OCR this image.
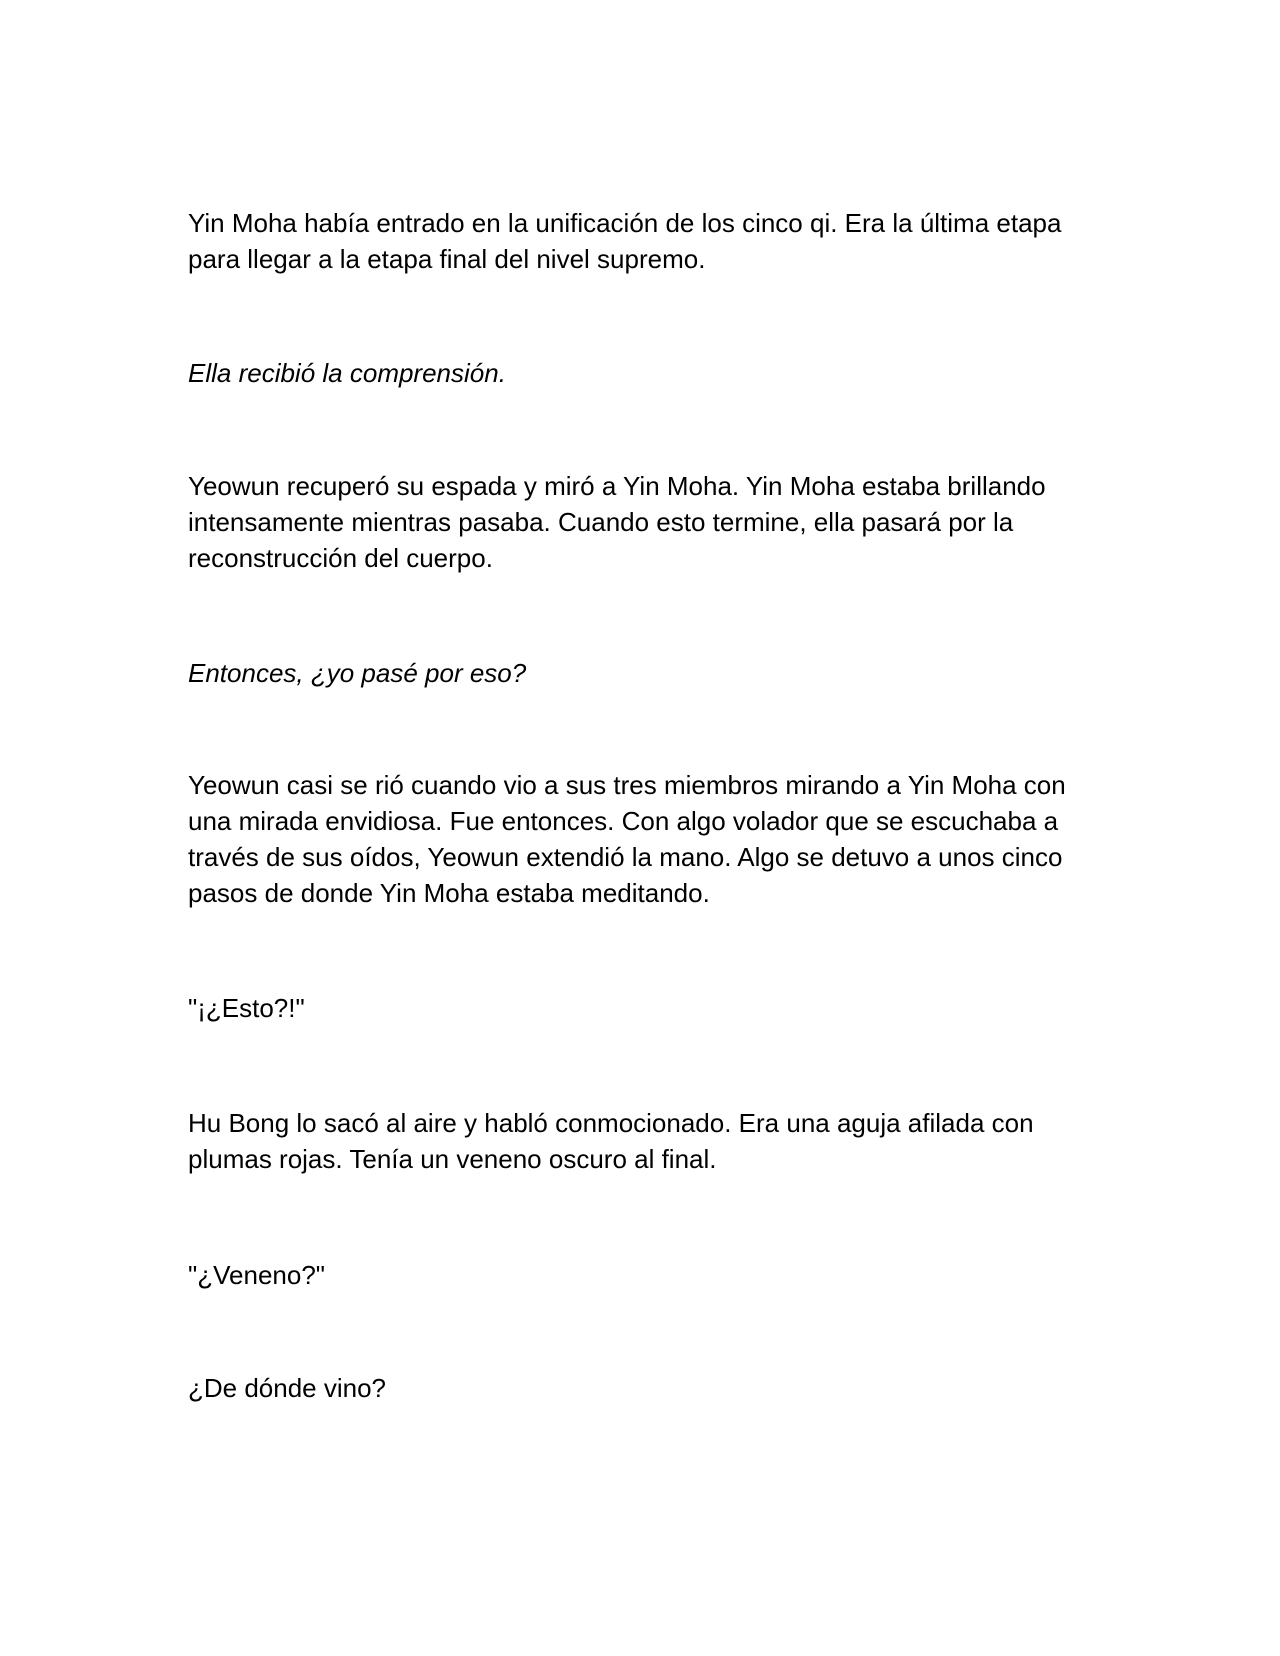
Yin Moha había entrado en la unificación de los cinco qi. Era la última etapa para llegar a la etapa final del nivel supremo.

Ella recibió la comprensión.

Yeowun recuperó su espada y miró a Yin Moha. Yin Moha estaba brillando intensamente mientras pasaba. Cuando esto termine, ella pasará por la reconstrucción del cuerpo.

Entonces, ¿yo pasé por eso?

Yeowun casi se rió cuando vio a sus tres miembros mirando a Yin Moha con una mirada envidiosa. Fue entonces. Con algo volador que se escuchaba a través de sus oídos, Yeowun extendió la mano. Algo se detuvo a unos cinco pasos de donde Yin Moha estaba meditando.

"¡¿Esto?!"

Hu Bong lo sacó al aire y habló conmocionado. Era una aguja afilada con plumas rojas. Tenía un veneno oscuro al final.

"¿Veneno?"

¿De dónde vino?
